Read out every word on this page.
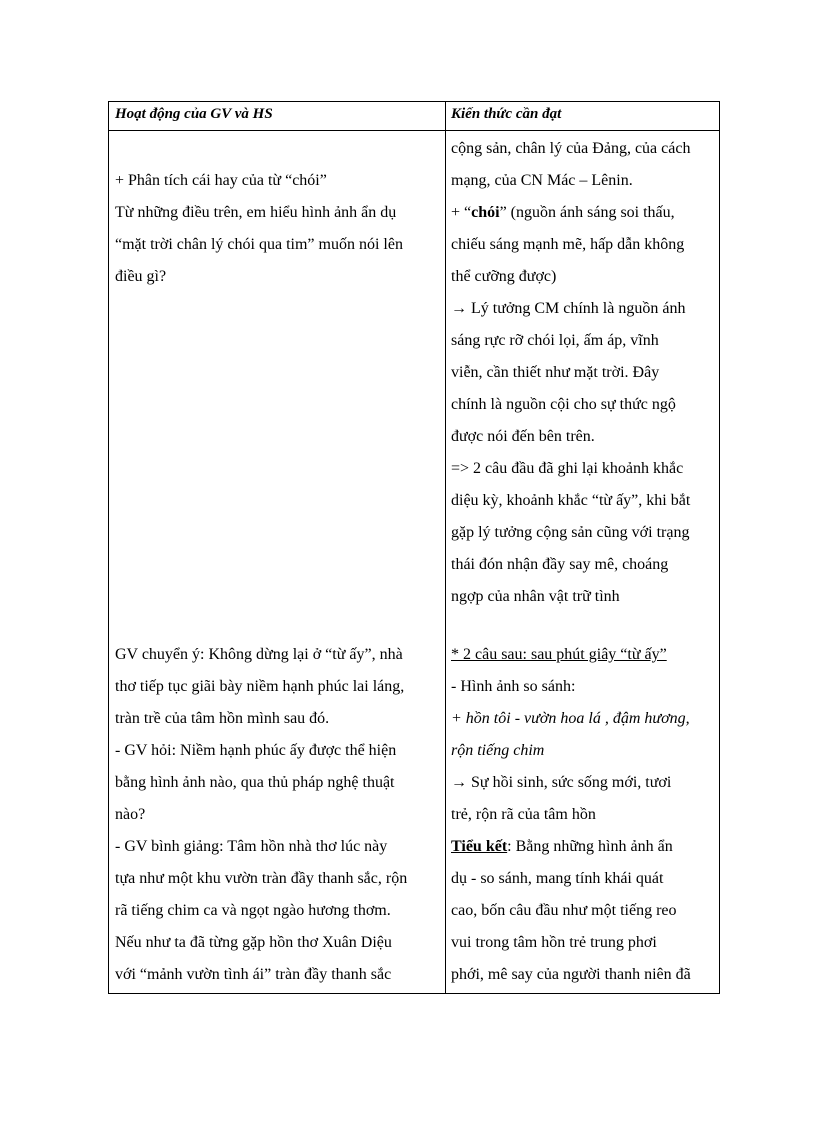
Hoạt động của GV và HS	Kiến thức cần đạt
+ Phân tích cái hay của từ “chói”
Từ những điều trên, em hiểu hình ảnh ẩn dụ
“mặt trời chân lý chói qua tim” muốn nói lên
điều gì?
GV chuyển ý: Không dừng lại ở “từ ấy”, nhà
thơ tiếp tục giãi bày niềm hạnh phúc lai láng,
tràn trề của tâm hồn mình sau đó.
- GV hỏi: Niềm hạnh phúc ấy được thể hiện
bằng hình ảnh nào, qua thủ pháp nghệ thuật
nào?
- GV bình giảng: Tâm hồn nhà thơ lúc này
tựa như một khu vườn tràn đầy thanh sắc, rộn
rã tiếng chim ca và ngọt ngào hương thơm.
Nếu như ta đã từng gặp hồn thơ Xuân Diệu
với “mảnh vườn tình ái” tràn đầy thanh sắc
cộng sản, chân lý của Đảng, của cách
mạng, của CN Mác – Lênin.
+ “chói” (nguồn ánh sáng soi thấu,
chiếu sáng mạnh mẽ, hấp dẫn không
thể cưỡng được)
→ Lý tưởng CM chính là nguồn ánh
sáng rực rỡ chói lọi, ấm áp, vĩnh
viễn, cần thiết như mặt trời. Đây
chính là nguồn cội cho sự thức ngộ
được nói đến bên trên.
=> 2 câu đầu đã ghi lại khoảnh khắc
diệu kỳ, khoảnh khắc “từ ấy”, khi bắt
gặp lý tưởng cộng sản cũng với trạng
thái đón nhận đầy say mê, choáng
ngợp của nhân vật trữ tình
* 2 câu sau: sau phút giây “từ ấy”
- Hình ảnh so sánh:
+ hồn tôi - vườn hoa lá , đậm hương,
rộn tiếng chim
→ Sự hồi sinh, sức sống mới, tươi
trẻ, rộn rã của tâm hồn
Tiểu kết: Bằng những hình ảnh ẩn
dụ - so sánh, mang tính khái quát
cao, bốn câu đầu như một tiếng reo
vui trong tâm hồn trẻ trung phơi
phới, mê say của người thanh niên đã
